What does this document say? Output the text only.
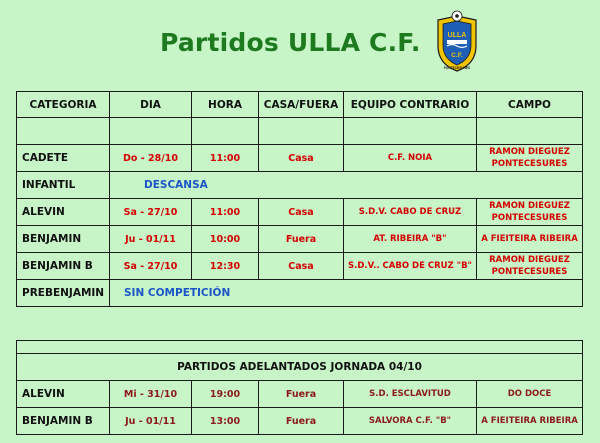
Partidos ULLA C.F.	ULLA
C.F.
PONTECESURES
CATEGORIA	DIA	HORA	CASA/FUERA	EQUIPO CONTRARIO	CAMPO

CADETE	Do - 28/10	11:00	Casa	C.F. NOIA	RAMON DIEGUEZ PONTECESURES
INFANTIL	DESCANSA				
ALEVIN	Sa - 27/10	11:00	Casa	S.D.V. CABO DE CRUZ	RAMON DIEGUEZ PONTECESURES
BENJAMIN	Ju - 01/11	10:00	Fuera	AT. RIBEIRA "B"	A FIEITEIRA RIBEIRA
BENJAMIN B	Sa - 27/10	12:30	Casa	S.D.V.. CABO DE CRUZ "B"	RAMON DIEGUEZ PONTECESURES
PREBENJAMIN	SIN COMPETICIÓN				

PARTIDOS ADELANTADOS JORNADA 04/10					
ALEVIN	Mi - 31/10	19:00	Fuera	S.D. ESCLAVITUD	DO DOCE
BENJAMIN B	Ju - 01/11	13:00	Fuera	SALVORA C.F. "B"	A FIEITEIRA RIBEIRA
